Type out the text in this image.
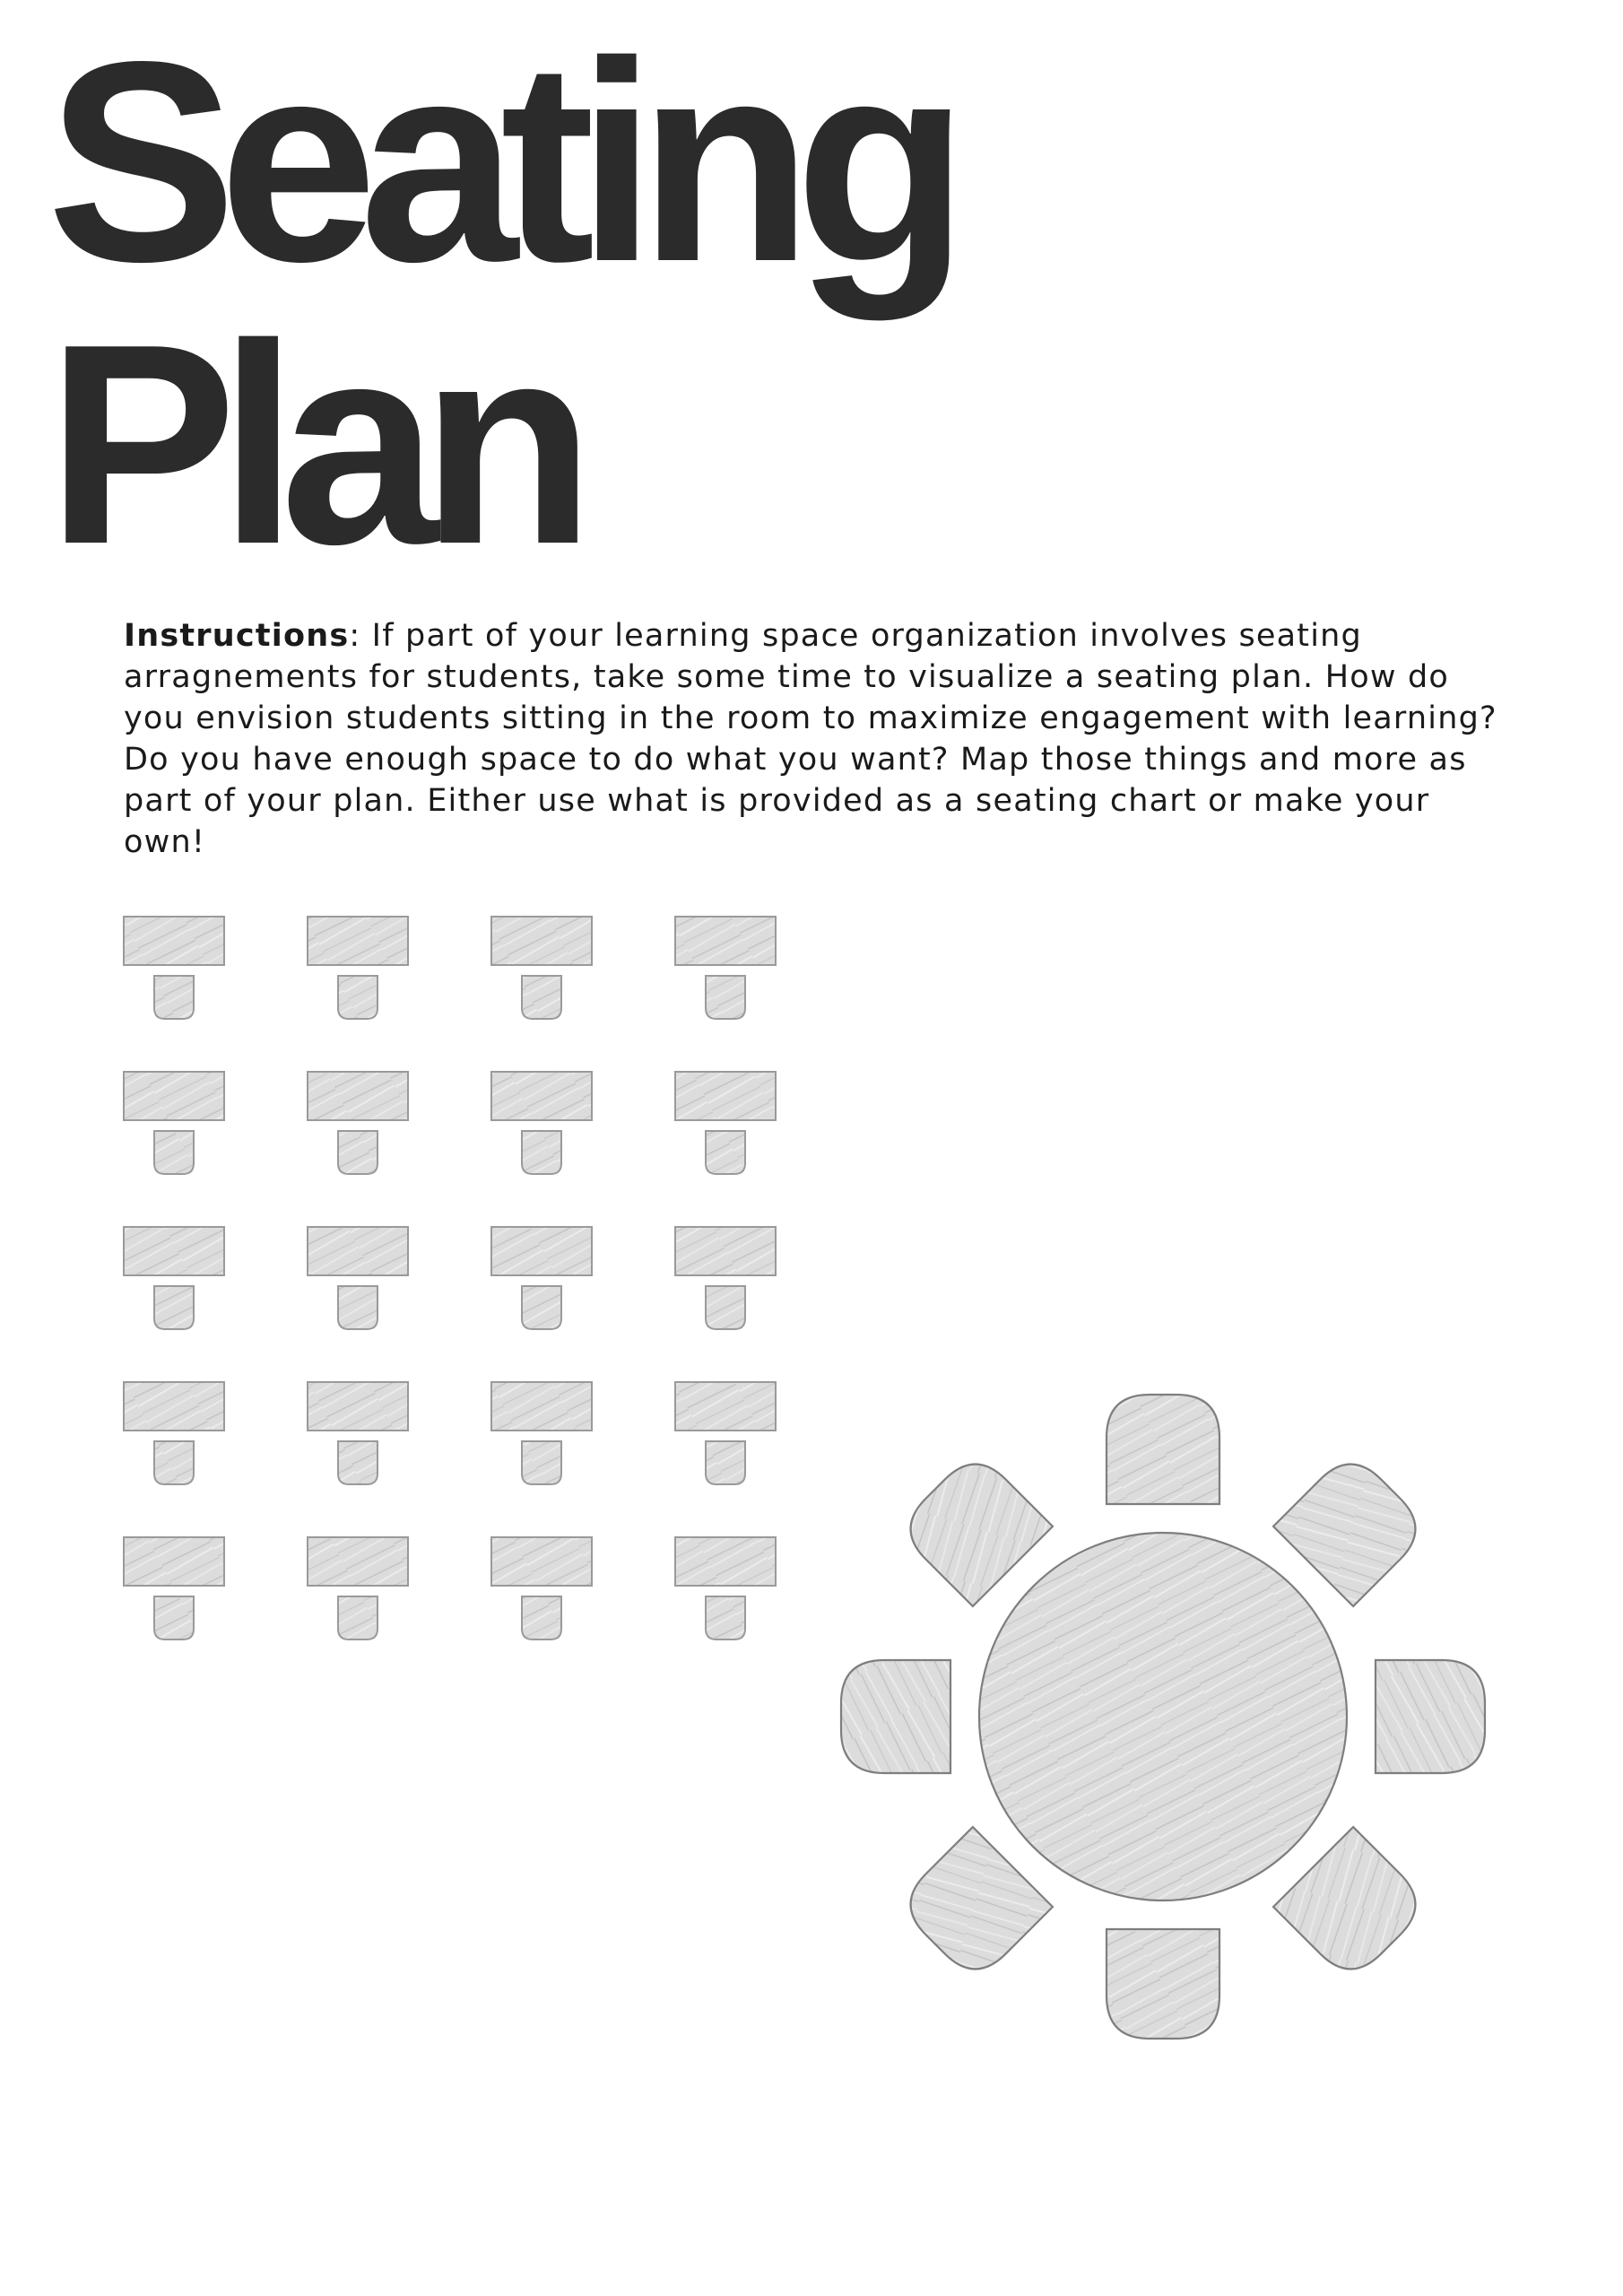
Seating
Plan

Instructions: If part of your learning space organization involves seating arragnements for students, take some time to visualize a seating plan. How do you envision students sitting in the room to maximize engagement with learning? Do you have enough space to do what you want? Map those things and more as part of your plan. Either use what is provided as a seating chart or make your own!
